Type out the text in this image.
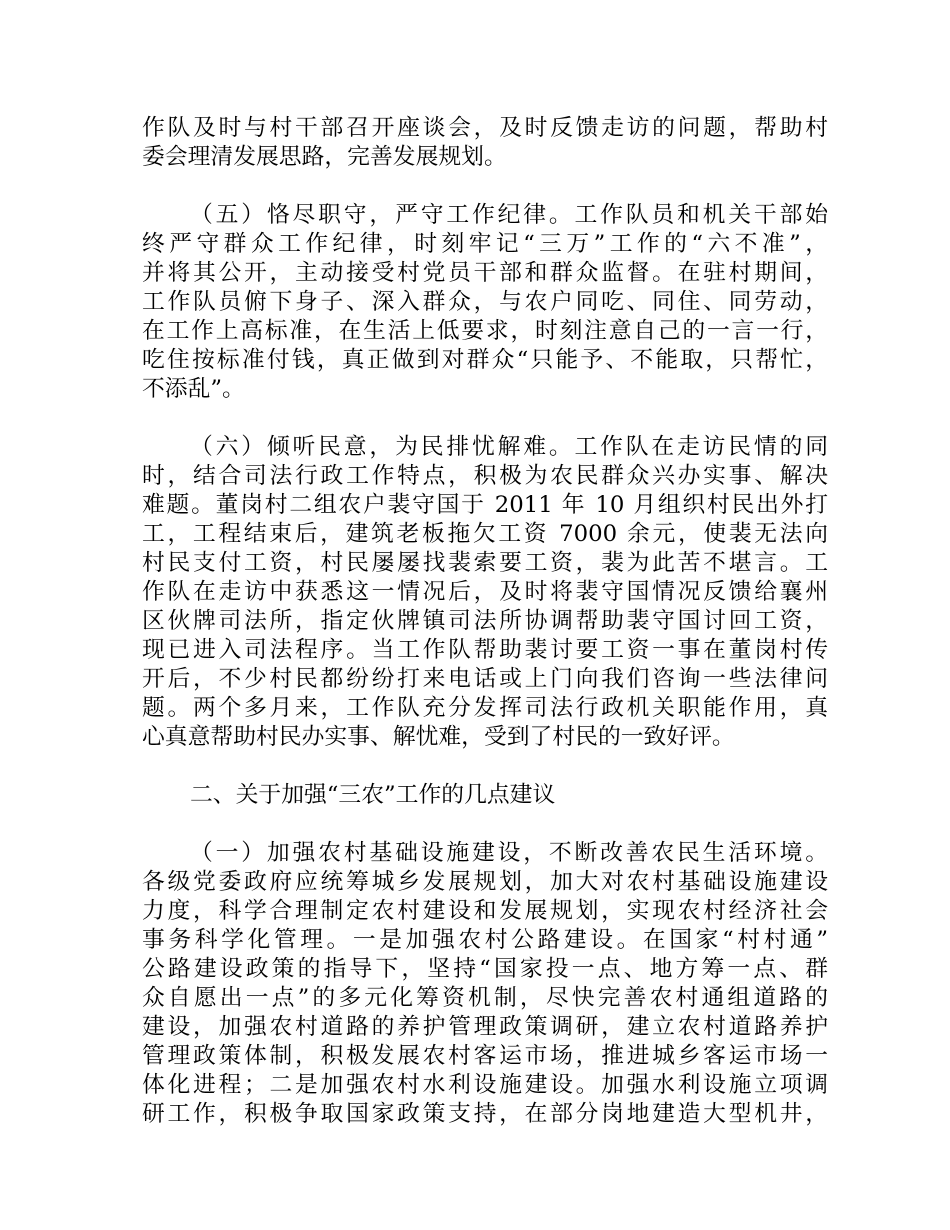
作队及时与村干部召开座谈会，及时反馈走访的问题，帮助村
委会理清发展思路，完善发展规划。
（五）恪尽职守，严守工作纪律。工作队员和机关干部始
终严守群众工作纪律，时刻牢记“三万”工作的“六不准”，
并将其公开，主动接受村党员干部和群众监督。在驻村期间，
工作队员俯下身子、深入群众，与农户同吃、同住、同劳动，
在工作上高标准，在生活上低要求，时刻注意自己的一言一行，
吃住按标准付钱，真正做到对群众“只能予、不能取，只帮忙，
不添乱”。
（六）倾听民意，为民排忧解难。工作队在走访民情的同
时，结合司法行政工作特点，积极为农民群众兴办实事、解决
难题。董岗村二组农户裴守国于 2011 年 10 月组织村民出外打
工，工程结束后，建筑老板拖欠工资 7000 余元，使裴无法向
村民支付工资，村民屡屡找裴索要工资，裴为此苦不堪言。工
作队在走访中获悉这一情况后，及时将裴守国情况反馈给襄州
区伙牌司法所，指定伙牌镇司法所协调帮助裴守国讨回工资，
现已进入司法程序。当工作队帮助裴讨要工资一事在董岗村传
开后，不少村民都纷纷打来电话或上门向我们咨询一些法律问
题。两个多月来，工作队充分发挥司法行政机关职能作用，真
心真意帮助村民办实事、解忧难，受到了村民的一致好评。
二、关于加强“三农”工作的几点建议
（一）加强农村基础设施建设，不断改善农民生活环境。
各级党委政府应统筹城乡发展规划，加大对农村基础设施建设
力度，科学合理制定农村建设和发展规划，实现农村经济社会
事务科学化管理。一是加强农村公路建设。在国家“村村通”
公路建设政策的指导下，坚持“国家投一点、地方筹一点、群
众自愿出一点”的多元化筹资机制，尽快完善农村通组道路的
建设，加强农村道路的养护管理政策调研，建立农村道路养护
管理政策体制，积极发展农村客运市场，推进城乡客运市场一
体化进程；二是加强农村水利设施建设。加强水利设施立项调
研工作，积极争取国家政策支持，在部分岗地建造大型机井，
